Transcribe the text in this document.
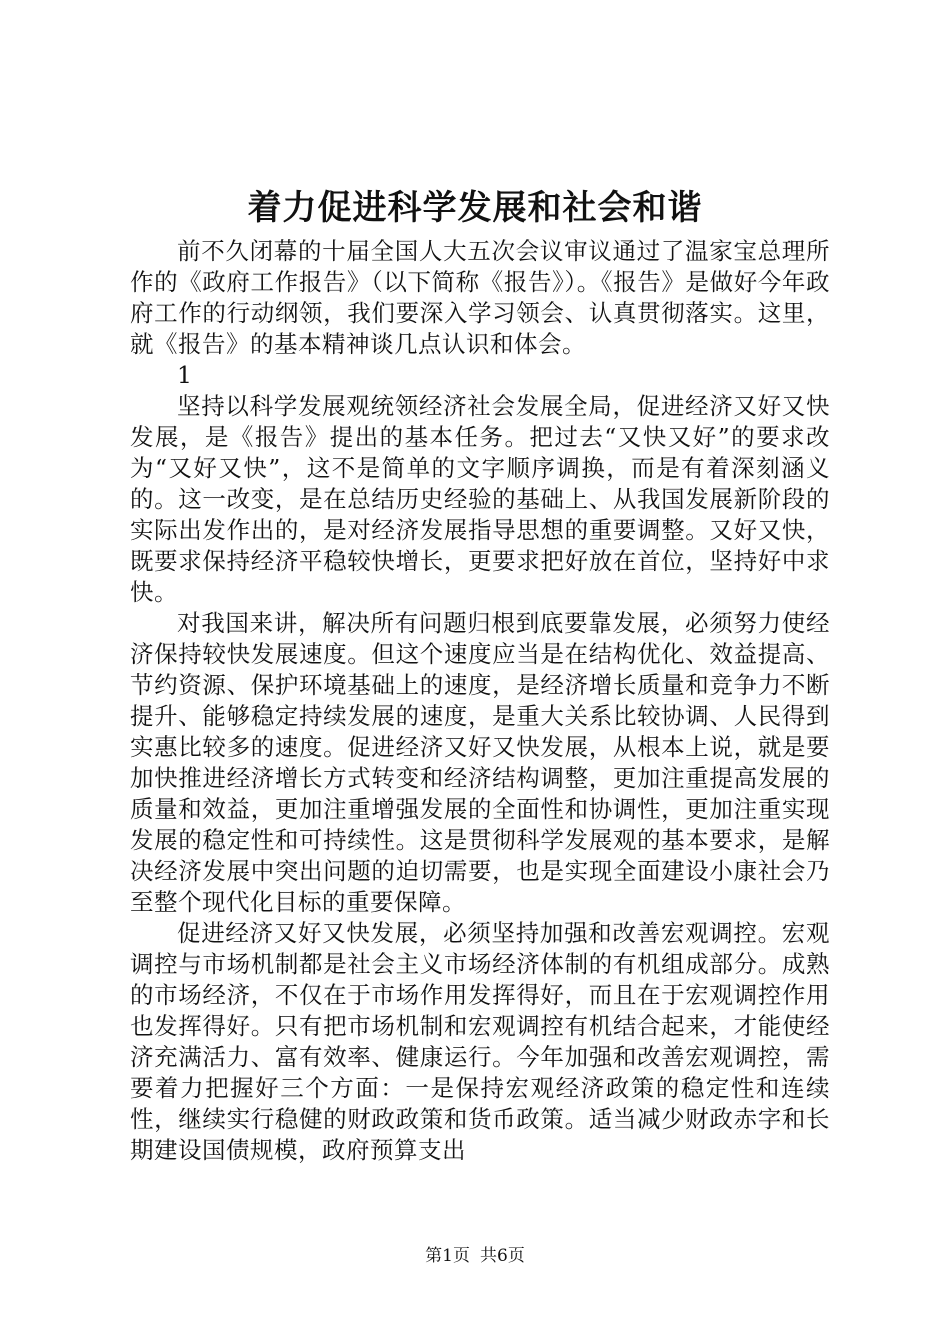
着力促进科学发展和社会和谐

前不久闭幕的十届全国人大五次会议审议通过了温家宝总理所作的《政府工作报告》（以下简称《报告》）。《报告》是做好今年政府工作的行动纲领，我们要深入学习领会、认真贯彻落实。这里，就《报告》的基本精神谈几点认识和体会。

1

坚持以科学发展观统领经济社会发展全局，促进经济又好又快发展，是《报告》提出的基本任务。把过去“又快又好”的要求改为“又好又快”，这不是简单的文字顺序调换，而是有着深刻涵义的。这一改变，是在总结历史经验的基础上、从我国发展新阶段的实际出发作出的，是对经济发展指导思想的重要调整。又好又快，既要求保持经济平稳较快增长，更要求把好放在首位，坚持好中求快。

对我国来讲，解决所有问题归根到底要靠发展，必须努力使经济保持较快发展速度。但这个速度应当是在结构优化、效益提高、节约资源、保护环境基础上的速度，是经济增长质量和竞争力不断提升、能够稳定持续发展的速度，是重大关系比较协调、人民得到实惠比较多的速度。促进经济又好又快发展，从根本上说，就是要加快推进经济增长方式转变和经济结构调整，更加注重提高发展的质量和效益，更加注重增强发展的全面性和协调性，更加注重实现发展的稳定性和可持续性。这是贯彻科学发展观的基本要求，是解决经济发展中突出问题的迫切需要，也是实现全面建设小康社会乃至整个现代化目标的重要保障。

促进经济又好又快发展，必须坚持加强和改善宏观调控。宏观调控与市场机制都是社会主义市场经济体制的有机组成部分。成熟的市场经济，不仅在于市场作用发挥得好，而且在于宏观调控作用也发挥得好。只有把市场机制和宏观调控有机结合起来，才能使经济充满活力、富有效率、健康运行。今年加强和改善宏观调控，需要着力把握好三个方面：一是保持宏观经济政策的稳定性和连续性，继续实行稳健的财政政策和货币政策。适当减少财政赤字和长期建设国债规模，政府预算支出

第1页 共6页
